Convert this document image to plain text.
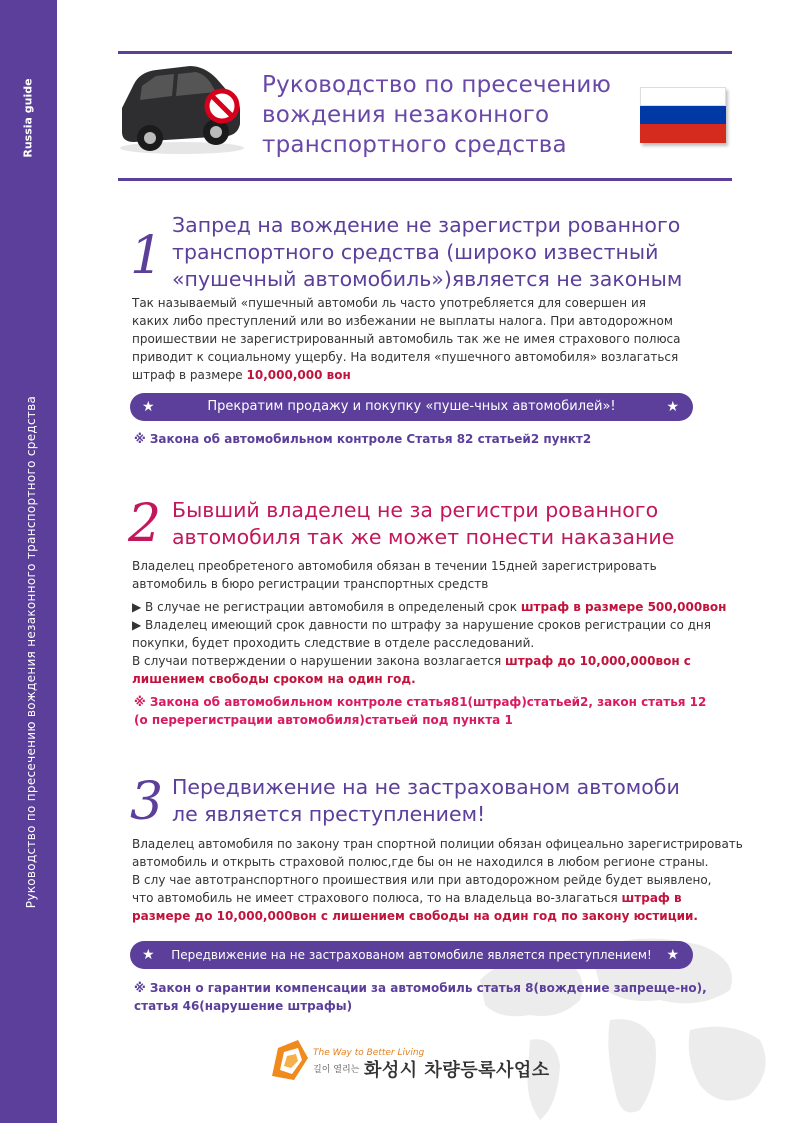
Russia guide
Руководство по пресечению вождения незаконного транспортного средства
Руководство по пресечению
вождения незаконного
транспортного средства
1
Запред на вождение не зарегистри рованного
транспортного средства (широко известный
«пушечный автомобиль»)является не законым

Так называемый «пушечный автомоби ль часто употребляется для совершен ия

каких либо преступлений или во избежании не выплаты налога. При автодорожном

проишествии не зарегистрированный автомобиль так же не имея страхового полюса

приводит к социальному ущербу. На водителя «пушечного автомобиля» возлагаться

штраф в размере 10,000,000 вон

★	Прекратим продажу и покупку «пуше-чных автомобилей»!	★
※ Закона об автомобильном контроле Статья 82 статьей2 пункт2
2 Бывший владелец не за регистри рованного
автомобиля так же может понести наказание

Владелец преобретеного автомобиля обязан в течении 15дней зарегистрировать

автомобиль в бюро регистрации транспортных средств

▶ В случае не регистрации автомобиля в определеный срок штраф в размере 500,000вон

▶ Владелец имеющий срок давности по штрафу за нарушение сроков регистрации со дня

покупки, будет проходить следствие в отделе расследований.

В случаи потверждении о нарушении закона возлагается штраф до 10,000,000вон с

лишением свободы сроком на один год.

※ Закона об автомобильном контроле статья81(штраф)статьей2, закон статья 12
(о перерегистрации автомобиля)статьей под пункта 1
3 Передвижение на не застрахованом автомоби
ле является преступлением!

Владелец автомобиля по закону тран спортной полиции обязан офицеально зарегистрировать

автомобиль и открыть страховой полюс,где бы он не находился в любом регионе страны.

В слу чае автотранспортного проишествия или при автодорожном рейде будет выявлено,

что автомобиль не имеет страхового полюса, то на владельца во-злагаться штраф в

размере до 10,000,000вон с лишением свободы на один год по закону юстиции.

★ Передвижение на не застрахованом автомобиле является преступлением! ★
※ Закон о гарантии компенсации за автомобиль статья 8(вождение запреще-но),
статья 46(нарушение штрафы)
The Way to Better Living
길이 열리는 화성시 차량등록사업소
